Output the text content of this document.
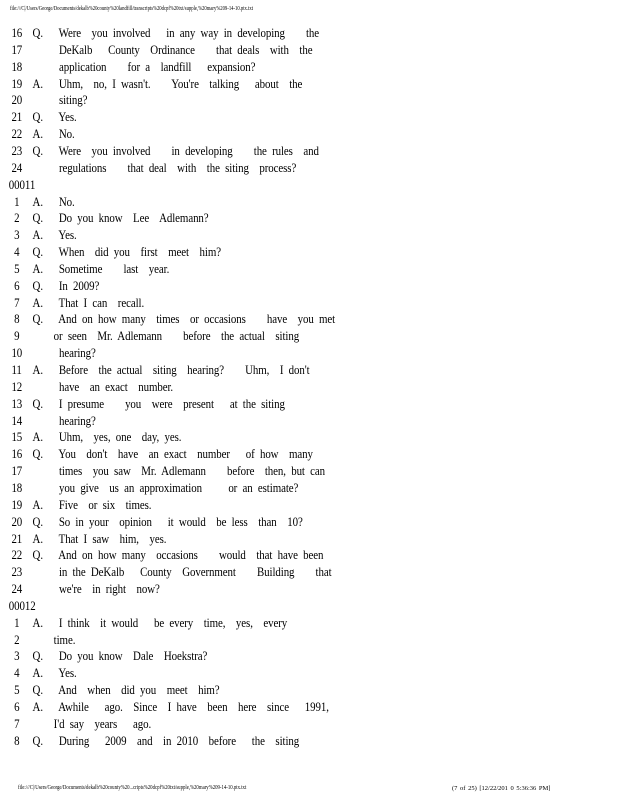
file:///C|/Users/George/Documents/dekalb%20county%20landfill/transcripts%20dcpf%20txt/supple,%20mary%209-14-10.ptx.txt
16 Q.   Were  you involved   in any way in developing    the
17 DeKalb   County  Ordinance    that deals  with  the
18 application    for a  landfill   expansion?
19 A.   Uhm,  no, I wasn't.    You're  talking   about  the
20 siting?
21 Q.   Yes.
22 A.   No.
23 Q.   Were  you involved    in developing    the rules  and
24 regulations    that deal  with  the siting  process?
00011
1 A.   No.
2 Q.   Do you know  Lee  Adlemann?
3 A.   Yes.
4 Q.   When  did you  first  meet  him?
5 A.   Sometime    last  year.
6 Q.   In 2009?
7 A.   That I can  recall.
8 Q.   And on how many  times  or occasions    have  you met
9 or seen  Mr. Adlemann    before  the actual  siting
10 hearing?
11 A.   Before  the actual  siting  hearing?    Uhm,  I don't
12 have  an exact  number.
13 Q.   I presume    you  were  present   at the siting
14 hearing?
15 A.   Uhm,  yes, one  day, yes.
16 Q.   You  don't  have  an exact  number   of how  many
17 times  you saw  Mr. Adlemann    before  then, but can
18 you give  us an approximation     or an estimate?
19 A.   Five  or six  times.
20 Q.   So in your  opinion   it would  be less  than  10?
21 A.   That I saw  him,  yes.
22 Q.   And on how many  occasions    would  that have been
23 in the DeKalb   County  Government    Building    that
24 we're  in right  now?
00012
1 A.   I think  it would   be every  time,  yes,  every
2 time.
3 Q.   Do you know  Dale  Hoekstra?
4 A.   Yes.
5 Q.   And  when  did you  meet  him?
6 A.   Awhile   ago.  Since  I have  been  here  since   1991,
7 I'd say  years   ago.
8 Q.   During   2009  and  in 2010  before   the  siting
file:///C|/Users/George/Documents/dekalb%20county%20...cripts%20dcpf%20txt/supple,%20mary%209-14-10.ptx.txt	(7 of 25) [12/22/201 0 5:36:36 PM]
